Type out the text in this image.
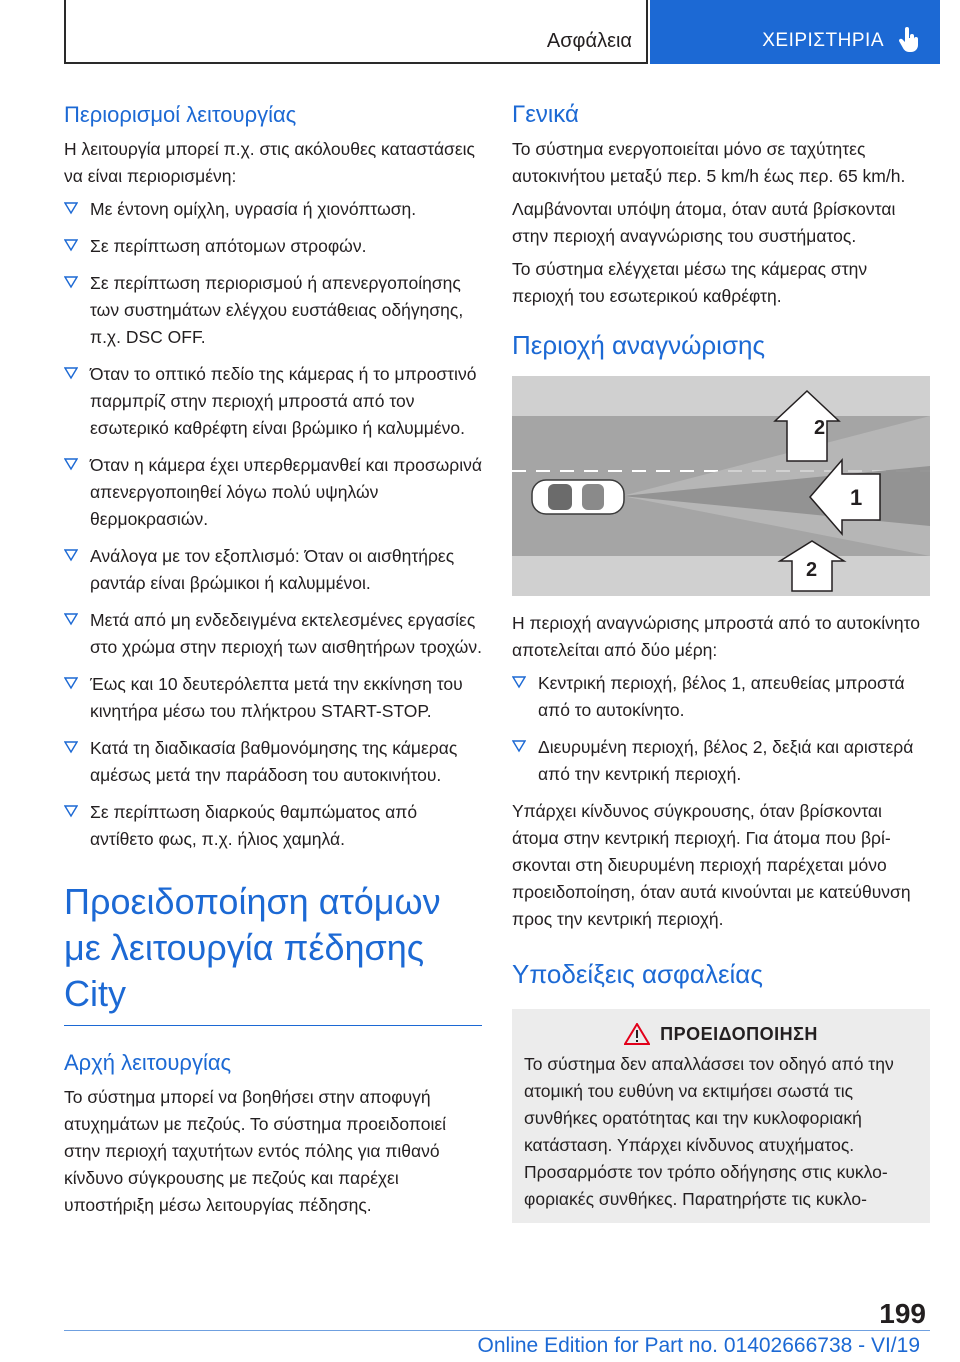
Ασφάλεια	ΧΕΙΡΙΣΤΗΡΙΑ
Περιορισμοί λειτουργίας

Η λειτουργία μπορεί π.χ. στις ακόλουθες καταστάσεις να είναι περιορισμένη:

Με έντονη ομίχλη, υγρασία ή χιονόπτωση.
Σε περίπτωση απότομων στροφών.
Σε περίπτωση περιορισμού ή απενεργοποίησης των συστημάτων ελέγχου ευστάθειας οδήγησης, π.χ. DSC OFF.
Όταν το οπτικό πεδίο της κάμερας ή το μπροστινό παρμπρίζ στην περιοχή μπροστά από τον εσωτερικό καθρέφτη είναι βρώμικο ή καλυμμένο.
Όταν η κάμερα έχει υπερθερμανθεί και προσωρινά απενεργοποιηθεί λόγω πολύ υψηλών θερμοκρασιών.
Ανάλογα με τον εξοπλισμό: Όταν οι αισθητήρες ραντάρ είναι βρώμικοι ή καλυμμένοι.
Μετά από μη ενδεδειγμένα εκτελεσμένες εργασίες στο χρώμα στην περιοχή των αισθητήρων τροχών.
Έως και 10 δευτερόλεπτα μετά την εκκίνηση του κινητήρα μέσω του πλήκτρου START-STOP.
Κατά τη διαδικασία βαθμονόμησης της κάμερας αμέσως μετά την παράδοση του αυτοκινήτου.
Σε περίπτωση διαρκούς θαμπώματος από αντίθετο φως, π.χ. ήλιος χαμηλά.
Προειδοποίηση ατόμων με λειτουργία πέδησης City
Αρχή λειτουργίας

Το σύστημα μπορεί να βοηθήσει στην αποφυγή ατυχημάτων με πεζούς. Το σύστημα προειδοποιεί στην περιοχή ταχυτήτων εντός πόλης για πιθανό κίνδυνο σύγκρουσης με πεζούς και παρέχει υποστήριξη μέσω λειτουργίας πέδησης.

Γενικά

Το σύστημα ενεργοποιείται μόνο σε ταχύτητες αυτοκινήτου μεταξύ περ. 5 km/h έως περ. 65 km/h.

Λαμβάνονται υπόψη άτομα, όταν αυτά βρίσκονται στην περιοχή αναγνώρισης του συστήματος.

Το σύστημα ελέγχεται μέσω της κάμερας στην περιοχή του εσωτερικού καθρέφτη.

Περιοχή αναγνώρισης
2
1
2

Η περιοχή αναγνώρισης μπροστά από το αυτοκίνητο αποτελείται από δύο μέρη:

Κεντρική περιοχή, βέλος 1, απευθείας μπροστά από το αυτοκίνητο.
Διευρυμένη περιοχή, βέλος 2, δεξιά και αριστερά από την κεντρική περιοχή.

Υπάρχει κίνδυνος σύγκρουσης, όταν βρίσκονται άτομα στην κεντρική περιοχή. Για άτομα που βρίσκονται στη διευρυμένη περιοχή παρέχεται μόνο προειδοποίηση, όταν αυτά κινούνται με κατεύθυνση προς την κεντρική περιοχή.

Υποδείξεις ασφαλείας
ΠΡΟΕΙΔΟΠΟΙΗΣΗ

Το σύστημα δεν απαλλάσσει τον οδηγό από την ατομική του ευθύνη να εκτιμήσει σωστά τις συνθήκες ορατότητας και την κυκλοφοριακή κατάσταση. Υπάρχει κίνδυνος ατυχήματος. Προσαρμόστε τον τρόπο οδήγησης στις κυκλοφοριακές συνθήκες. Παρατηρήστε τις κυκλο-

199
Online Edition for Part no. 01402666738 - VI/19
